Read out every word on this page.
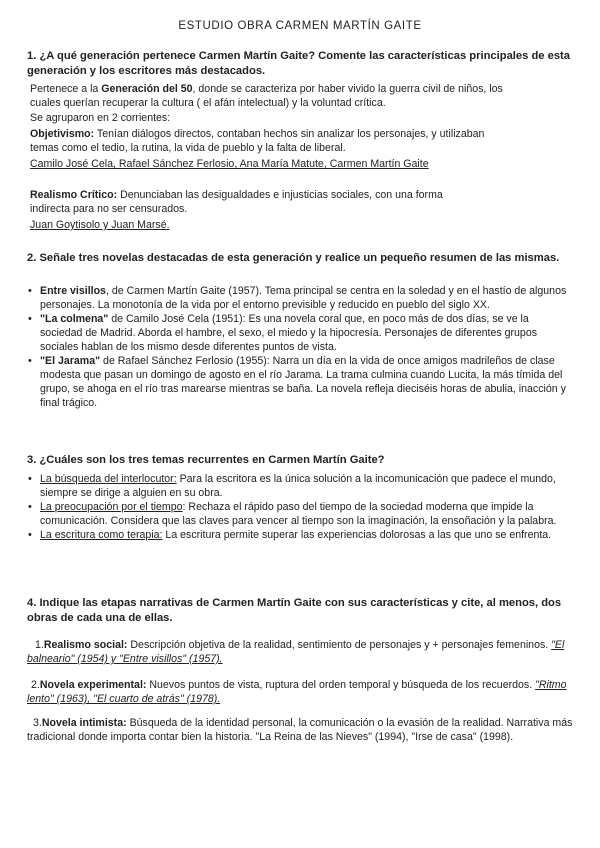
ESTUDIO OBRA CARMEN MARTÍN GAITE
1. ¿A qué generación pertenece Carmen Martín Gaite? Comente las características principales de esta generación y los escritores más destacados.
Pertenece a la Generación del 50, donde se caracteriza por haber vivido la guerra civil de niños, los cuales querían recuperar la cultura ( el afán intelectual) y la voluntad crítica.
Se agruparon en 2 corrientes:
Objetivismo: Tenían diálogos directos, contaban hechos sin analizar los personajes, y utilizaban temas como el tedio, la rutina, la vida de pueblo y la falta de liberal.
Camilo José Cela, Rafael Sánchez Ferlosio, Ana María Matute, Carmen Martín Gaite
Realismo Crítico: Denunciaban las desigualdades e injusticias sociales, con una forma indirecta para no ser censurados.
Juan Goytisolo y Juan Marsé.
2. Señale tres novelas destacadas de esta generación y realice un pequeño resumen de las mismas.
• Entre visillos, de Carmen Martín Gaite (1957). Tema principal se centra en la soledad y en el hastío de algunos personajes. La monotonía de la vida por el entorno previsible y reducido en pueblo del siglo XX.
• "La colmena" de Camilo José Cela (1951): Es una novela coral que, en poco más de dos días, se ve la sociedad de Madrid. Aborda el hambre, el sexo, el miedo y la hipocresía. Personajes de diferentes grupos sociales hablan de los mismo desde diferentes puntos de vista.
• "El Jarama" de Rafael Sánchez Ferlosio (1955): Narra un día en la vida de once amigos madrileños de clase modesta que pasan un domingo de agosto en el río Jarama. La trama culmina cuando Lucita, la más tímida del grupo, se ahoga en el río tras marearse mientras se baña. La novela refleja dieciséis horas de abulia, inacción y final trágico.
3. ¿Cuáles son los tres temas recurrentes en Carmen Martín Gaite?
• La búsqueda del interlocutor: Para la escritora es la única solución a la incomunicación que padece el mundo, siempre se dirige a alguien en su obra.
• La preocupación por el tiempo: Rechaza el rápido paso del tiempo de la sociedad moderna que impide la comunicación. Considera que las claves para vencer al tiempo son la imaginación, la ensoñación y la palabra.
• La escritura como terapia: La escritura permite superar las experiencias dolorosas a las que uno se enfrenta.
4. Indique las etapas narrativas de Carmen Martín Gaite con sus características y cite, al menos, dos obras de cada una de ellas.
1.Realismo social: Descripción objetiva de la realidad, sentimiento de personajes y + personajes femeninos. "El balneario" (1954) y "Entre visillos" (1957).
2.Novela experimental: Nuevos puntos de vista, ruptura del orden temporal y búsqueda de los recuerdos. "Ritmo lento" (1963), "El cuarto de atrás" (1978).
3.Novela intimista: Búsqueda de la identidad personal, la comunicación o la evasión de la realidad. Narrativa más tradicional donde importa contar bien la historia. "La Reina de las Nieves" (1994), "Irse de casa" (1998).
